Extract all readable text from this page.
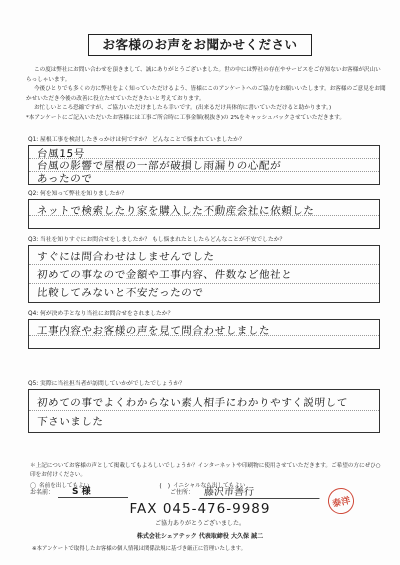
お客様のお声をお聞かせください

この度は弊社にお問い合わせを頂きまして、誠にありがとうございました。世の中には弊社の存在やサービスをご存知ないお客様が沢山いらっしゃいます。

今後ひとりでも多くの方に弊社をよく知っていただけるよう、皆様にこのアンケートへのご協力をお願いいたします。お客様のご意見をお聞かせいただき今後の改善に役立たせていただきたいと考えております。

お忙しいところ恐縮ですが、ご協力いただけましたら幸いです。(出来るだけ具体的に書いていただけると助かります。)

*本アンケートにご記入いただいたお客様には工事ご所合時に工事金額(税抜き)の 2%をキャッシュバックさせていただきます。

Q1: 屋根工事を検討したきっかけは何ですか？ どんなことで悩まれていましたか？
台風15号
台風の影響で屋根の一部が破損し雨漏りの心配が
あったので
Q2: 何を知って弊社を知りましたか？
ネットで検索したり家を購入した不動産会社に依頼した
Q3: 当社を知りすぐにお問合せをしましたか？ もし悩まれたとしたらどんなことが不安でしたか？
すぐには問合わせはしませんでした
初めての事なので金額や工事内容、件数など他社と
比較してみないと不安だったので
Q4: 何が決め手となり当社にお問合せをされましたか？
工事内容やお客様の声を見て問合わせしました
Q5: 実際に当社担当者が訪問していかがでしたでしょうか？
初めての事でよくわからない素人相手にわかりやすく説明して
下さいました
＊上記についてお客様の声として掲載してもよろしいでしょうか？インターネットや印刷物に使用させていただきます。ご希望の方にぜひ○印をお付けください。
〇 名前を出してもよい	(　) イニシャルなら出してもよい
お名前：	S 様	ご住所： 藤沢市善行
泰洋
FAX 045-476-9989
ご協力ありがとうございました。
株式会社シェアテック 代表取締役 大久保 誠二
※本アンケートで取得したお客様の個人情報は関係法規に基づき厳正に管理いたします。
